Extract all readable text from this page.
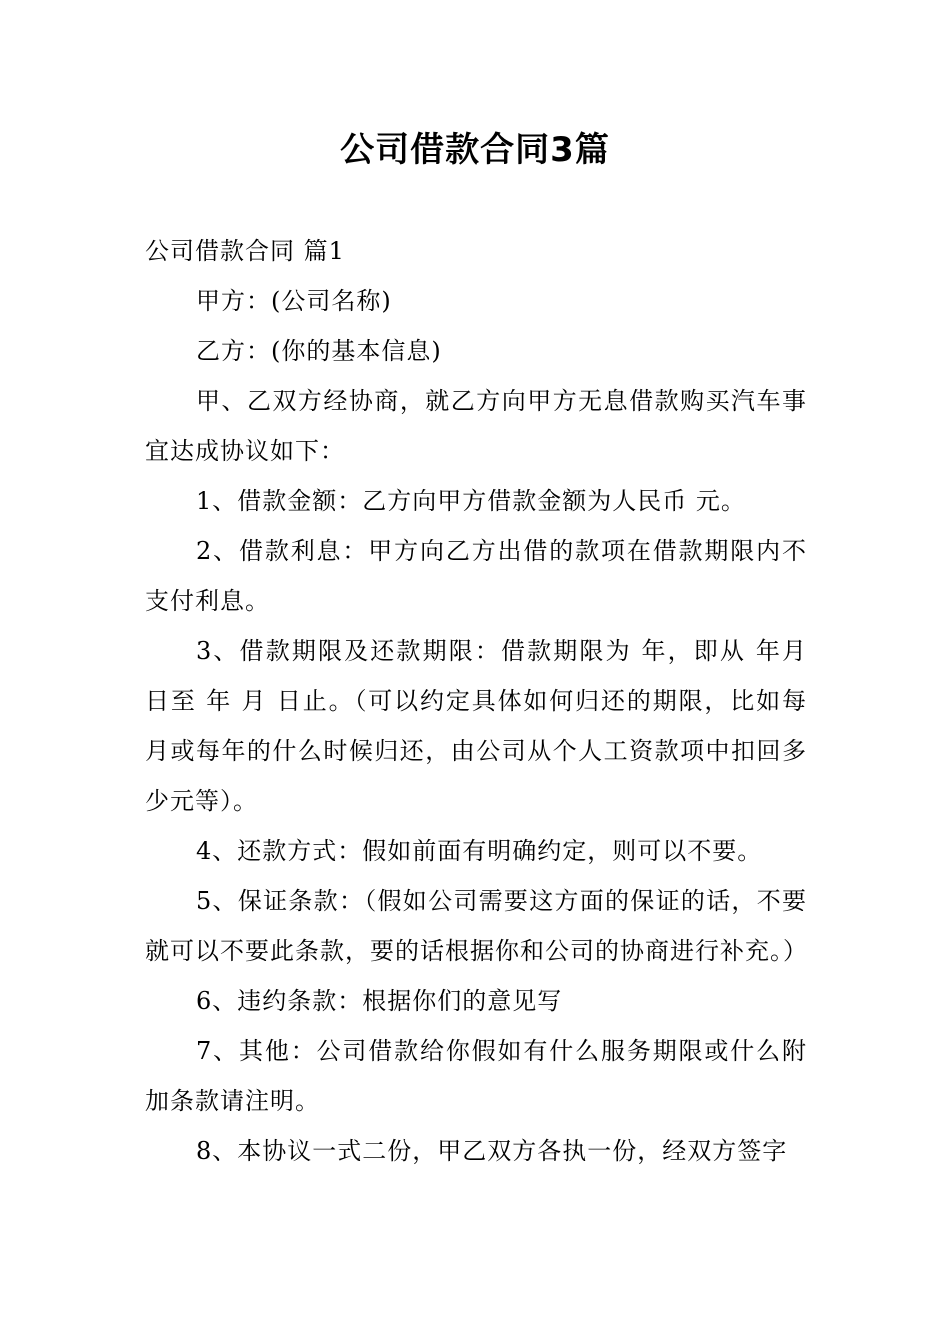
公司借款合同3篇

公司借款合同 篇1

甲方：(公司名称)

乙方：(你的基本信息)

甲、乙双方经协商，就乙方向甲方无息借款购买汽车事宜达成协议如下：

1、借款金额：乙方向甲方借款金额为人民币 元。

2、借款利息：甲方向乙方出借的款项在借款期限内不支付利息。

3、借款期限及还款期限：借款期限为 年，即从 年月 日至 年 月 日止。（可以约定具体如何归还的期限，比如每月或每年的什么时候归还，由公司从个人工资款项中扣回多少元等）。

4、还款方式：假如前面有明确约定，则可以不要。

5、保证条款：（假如公司需要这方面的保证的话，不要就可以不要此条款，要的话根据你和公司的协商进行补充。）

6、违约条款：根据你们的意见写

7、其他：公司借款给你假如有什么服务期限或什么附加条款请注明。

8、本协议一式二份，甲乙双方各执一份，经双方签字
